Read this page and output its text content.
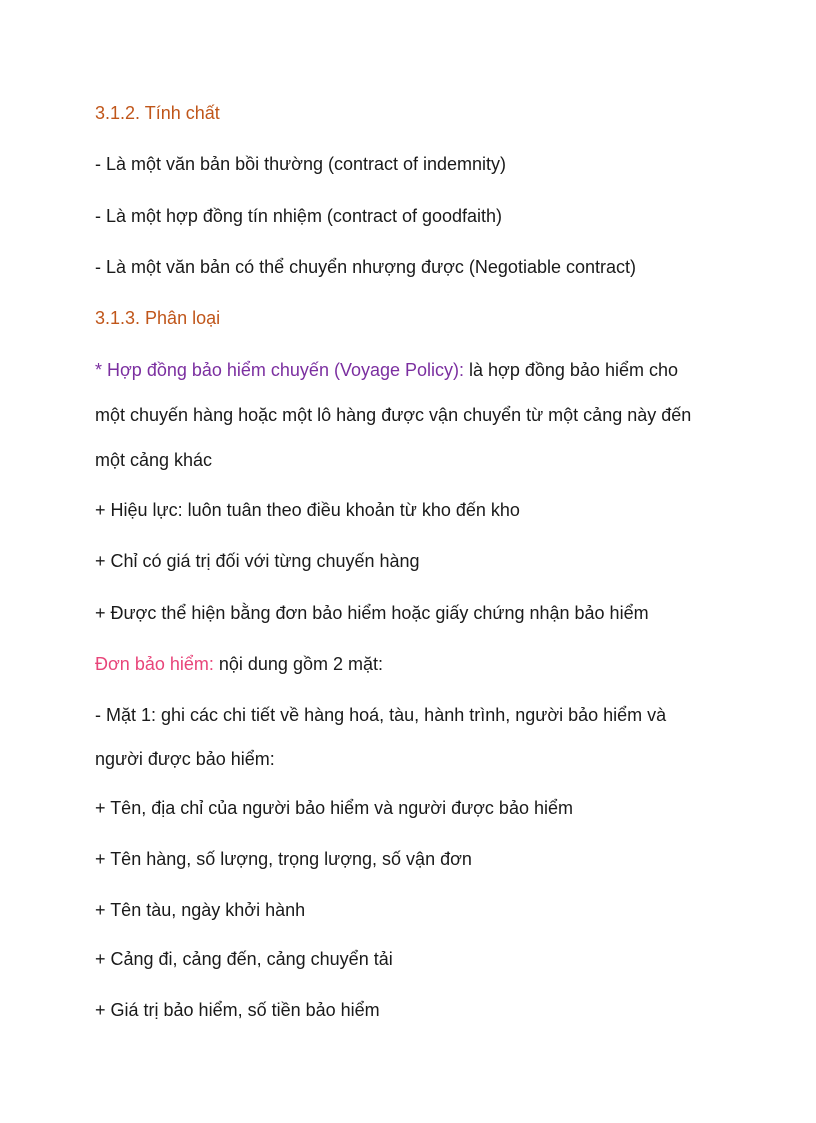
3.1.2. Tính chất
- Là một văn bản bồi thường (contract of indemnity)
- Là một hợp đồng tín nhiệm (contract of goodfaith)
- Là một văn bản có thể chuyển nhượng được (Negotiable contract)
3.1.3. Phân loại
* Hợp đồng bảo hiểm chuyến (Voyage Policy): là hợp đồng bảo hiểm cho
một chuyến hàng hoặc một lô hàng được vận chuyển từ một cảng này đến
một cảng khác
+ Hiệu lực: luôn tuân theo điều khoản từ kho đến kho
+ Chỉ có giá trị đối với từng chuyến hàng
+ Được thể hiện bằng đơn bảo hiểm hoặc giấy chứng nhận bảo hiểm
Đơn bảo hiểm: nội dung gồm 2 mặt:
- Mặt 1: ghi các chi tiết về hàng hoá, tàu, hành trình, người bảo hiểm và
người được bảo hiểm:
+ Tên, địa chỉ của người bảo hiểm và người được bảo hiểm
+ Tên hàng, số lượng, trọng lượng, số vận đơn
+ Tên tàu, ngày khởi hành
+ Cảng đi, cảng đến, cảng chuyển tải
+ Giá trị bảo hiểm, số tiền bảo hiểm
